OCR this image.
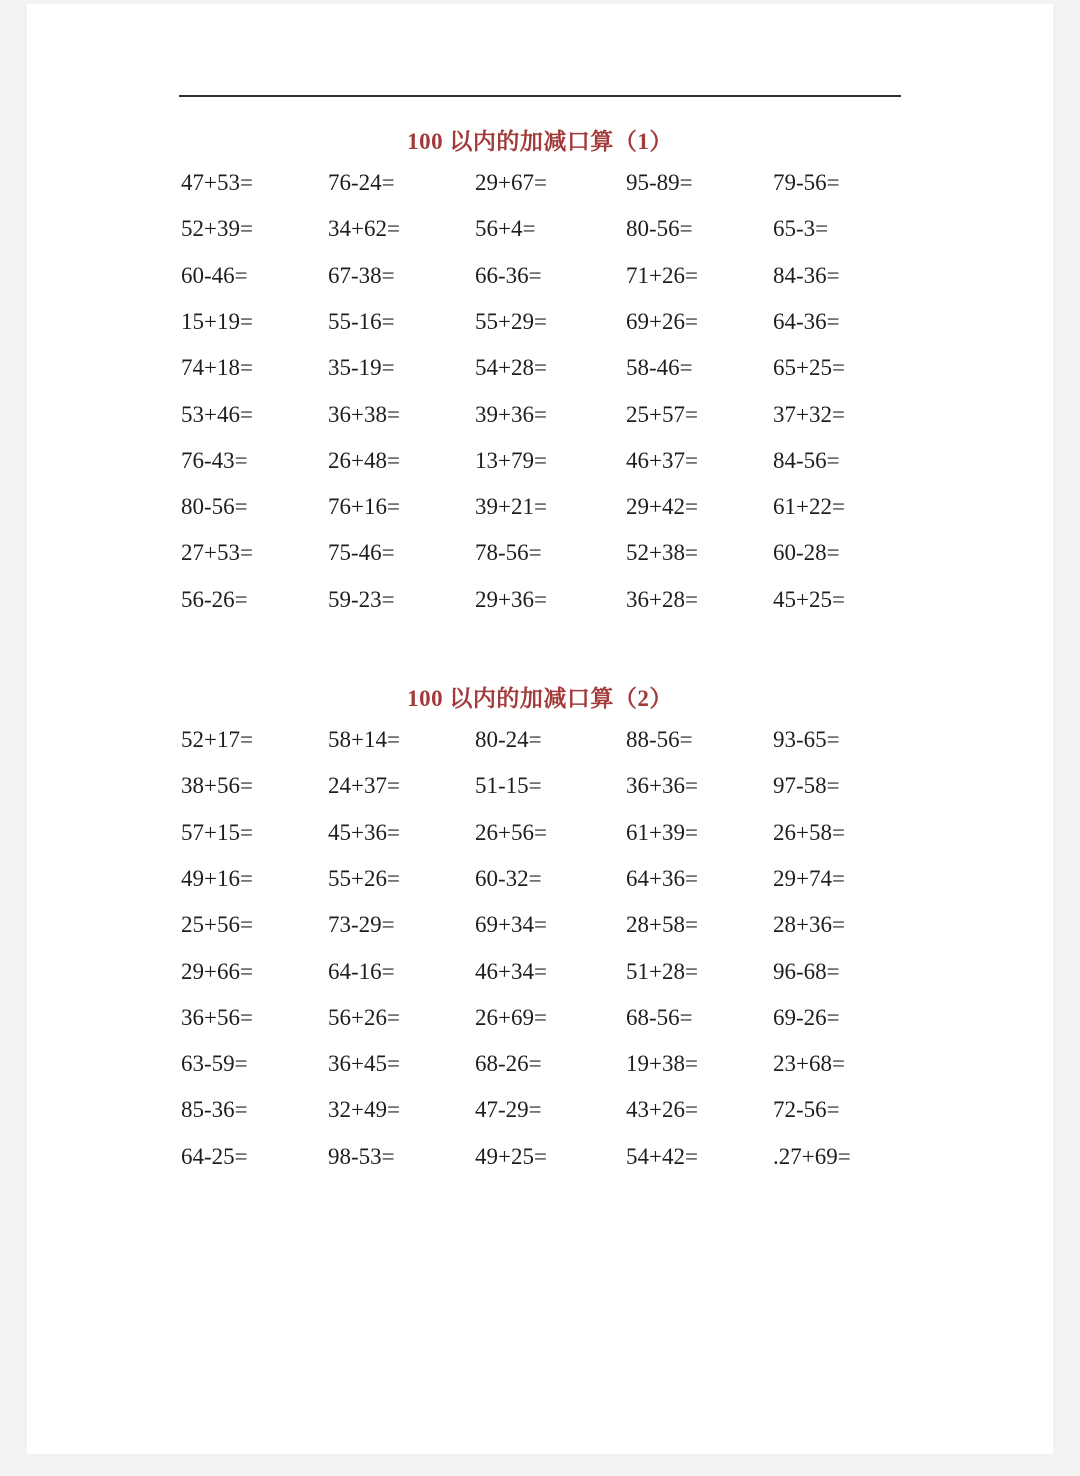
100 以内的加减口算（1）
100 以内的加减口算（2）
47+53=	76-24=	29+67=	95-89=	79-56=
52+39=	34+62=	56+4=	80-56=	65-3=
60-46=	67-38=	66-36=	71+26=	84-36=
15+19=	55-16=	55+29=	69+26=	64-36=
74+18=	35-19=	54+28=	58-46=	65+25=
53+46=	36+38=	39+36=	25+57=	37+32=
76-43=	26+48=	13+79=	46+37=	84-56=
80-56=	76+16=	39+21=	29+42=	61+22=
27+53=	75-46=	78-56=	52+38=	60-28=
56-26=	59-23=	29+36=	36+28=	45+25=
52+17=	58+14=	80-24=	88-56=	93-65=
38+56=	24+37=	51-15=	36+36=	97-58=
57+15=	45+36=	26+56=	61+39=	26+58=
49+16=	55+26=	60-32=	64+36=	29+74=
25+56=	73-29=	69+34=	28+58=	28+36=
29+66=	64-16=	46+34=	51+28=	96-68=
36+56=	56+26=	26+69=	68-56=	69-26=
63-59=	36+45=	68-26=	19+38=	23+68=
85-36=	32+49=	47-29=	43+26=	72-56=
64-25=	98-53=	49+25=	54+42=	.27+69=
